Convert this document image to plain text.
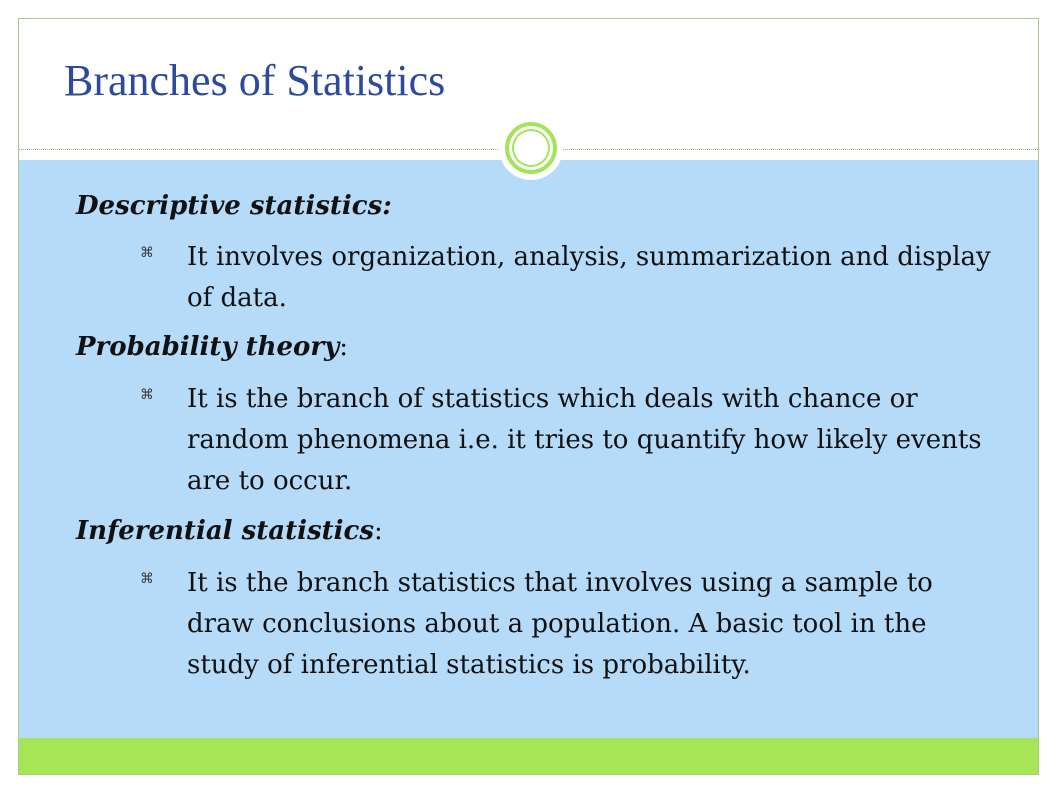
Branches of Statistics

Descriptive statistics:

⌘ It involves organization, analysis, summarization and display of data.

Probability theory:

⌘ It is the branch of statistics which deals with chance or random phenomena i.e. it tries to quantify how likely events are to occur.

Inferential statistics:

⌘ It is the branch statistics that involves using a sample to draw conclusions about a population. A basic tool in the study of inferential statistics is probability.
